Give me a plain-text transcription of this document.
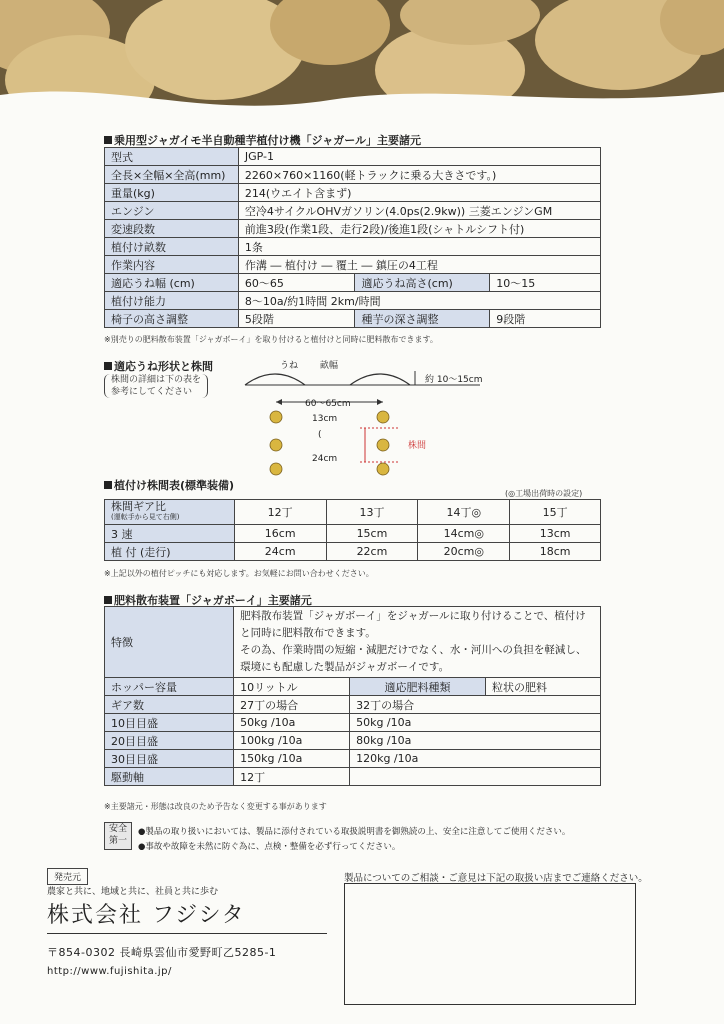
乗用型ジャガイモ半自動種芋植付け機「ジャガール」主要諸元
型式	JGP-1		
全長×全幅×全高(mm)	2260×760×1160(軽トラックに乗る大きさです。)		
重量(kg)	214(ウエイト含まず)		
エンジン	空冷4サイクルOHVガソリン(4.0ps(2.9kw)) 三菱エンジンGM		
変速段数	前進3段(作業1段、走行2段)/後進1段(シャトルシフト付)		
植付け畝数	1条		
作業内容	作溝 ― 植付け ― 覆土 ― 鎮圧の4工程		
適応うね幅 (cm)	60〜65	適応うね高さ(cm)	10〜15
植付け能力	8〜10a/約1時間 2km/時間		
椅子の高さ調整	5段階	種芋の深さ調整	9段階
※別売りの肥料散布装置「ジャガボーイ」を取り付けると植付けと同時に肥料散布できます。
適応うね形状と株間
株間の詳細は下の表を
参考にしてください
うね 畝幅
約 10〜15cm
60〜65cm
13cm
(
24cm
株間
植付け株間表(標準装備)
(◎工場出荷時の設定)
株間ギア比
(運転手から見て右側)	12丁	13丁	14丁◎	15丁
3 速	16cm	15cm	14cm◎	13cm
植 付 (走行)	24cm	22cm	20cm◎	18cm
※上記以外の植付ピッチにも対応します。お気軽にお問い合わせください。
肥料散布装置「ジャガボーイ」主要諸元
特徴	肥料散布装置「ジャガボーイ」をジャガールに取り付けることで、植付け
と同時に肥料散布できます。
その為、作業時間の短縮・減肥だけでなく、水・河川への負担を軽減し、
環境にも配慮した製品がジャガボーイです。		

ホッパー容量	10リットル	適応肥料種類	粒状の肥料
ギア数	27丁の場合	32丁の場合	
10目目盛	50kg /10a	50kg /10a	
20目目盛	100kg /10a	80kg /10a	
30目目盛	150kg /10a	120kg /10a	
駆動軸	12丁		
※主要諸元・形態は改良のため予告なく変更する事があります
安全第一
●製品の取り扱いにおいては、製品に添付されている取扱説明書を御熟読の上、安全に注意してご使用ください。
●事故や故障を未然に防ぐ為に、点検・整備を必ず行ってください。
発売元
農家と共に、地域と共に、社員と共に歩む
株式会社 フジシタ
〒854-0302 長崎県雲仙市愛野町乙5285-1
http://www.fujishita.jp/
製品についてのご相談・ご意見は下記の取扱い店までご連絡ください。
